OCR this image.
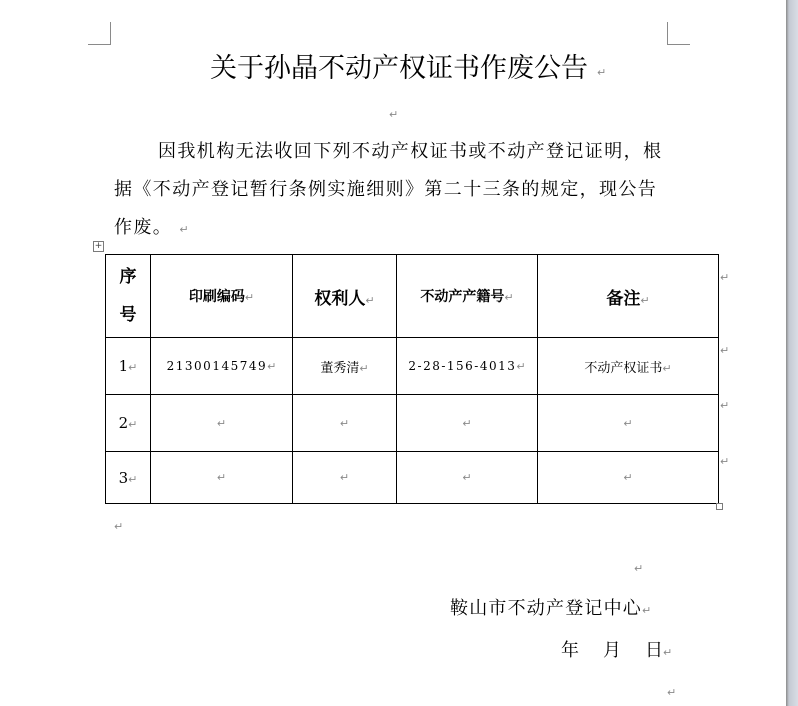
关于孙晶不动产权证书作废公告 ↵
↵
因我机构无法收回下列不动产权证书或不动产登记证明，根据《不动产登记暂行条例实施细则》第二十三条的规定，现公告作废。 ↵
+
序号	印刷编码↵	权利人↵	不动产产籍号↵	备注↵
1↵	21300145749↵	董秀清↵	2-28-156-4013↵	不动产权证书↵
2↵	↵	↵	↵	↵
3↵	↵	↵	↵	↵
↵
↵
↵
↵
↵
↵
鞍山市不动产登记中心↵
年 月 日↵
↵
